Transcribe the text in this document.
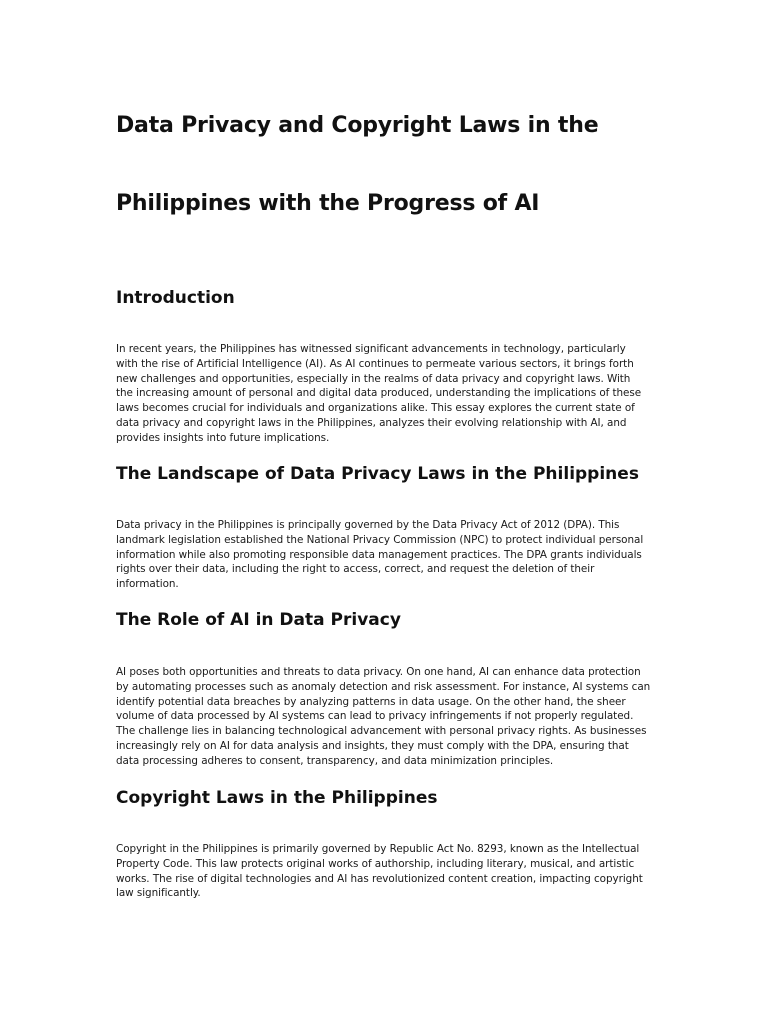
Data Privacy and Copyright Laws in the
Philippines with the Progress of AI
Introduction

In recent years, the Philippines has witnessed significant advancements in technology, particularly
with the rise of Artificial Intelligence (AI). As AI continues to permeate various sectors, it brings forth
new challenges and opportunities, especially in the realms of data privacy and copyright laws. With
the increasing amount of personal and digital data produced, understanding the implications of these
laws becomes crucial for individuals and organizations alike. This essay explores the current state of
data privacy and copyright laws in the Philippines, analyzes their evolving relationship with AI, and
provides insights into future implications.

The Landscape of Data Privacy Laws in the Philippines

Data privacy in the Philippines is principally governed by the Data Privacy Act of 2012 (DPA). This
landmark legislation established the National Privacy Commission (NPC) to protect individual personal
information while also promoting responsible data management practices. The DPA grants individuals
rights over their data, including the right to access, correct, and request the deletion of their
information.

The Role of AI in Data Privacy

AI poses both opportunities and threats to data privacy. On one hand, AI can enhance data protection
by automating processes such as anomaly detection and risk assessment. For instance, AI systems can
identify potential data breaches by analyzing patterns in data usage. On the other hand, the sheer
volume of data processed by AI systems can lead to privacy infringements if not properly regulated.
The challenge lies in balancing technological advancement with personal privacy rights. As businesses
increasingly rely on AI for data analysis and insights, they must comply with the DPA, ensuring that
data processing adheres to consent, transparency, and data minimization principles.

Copyright Laws in the Philippines

Copyright in the Philippines is primarily governed by Republic Act No. 8293, known as the Intellectual
Property Code. This law protects original works of authorship, including literary, musical, and artistic
works. The rise of digital technologies and AI has revolutionized content creation, impacting copyright
law significantly.
